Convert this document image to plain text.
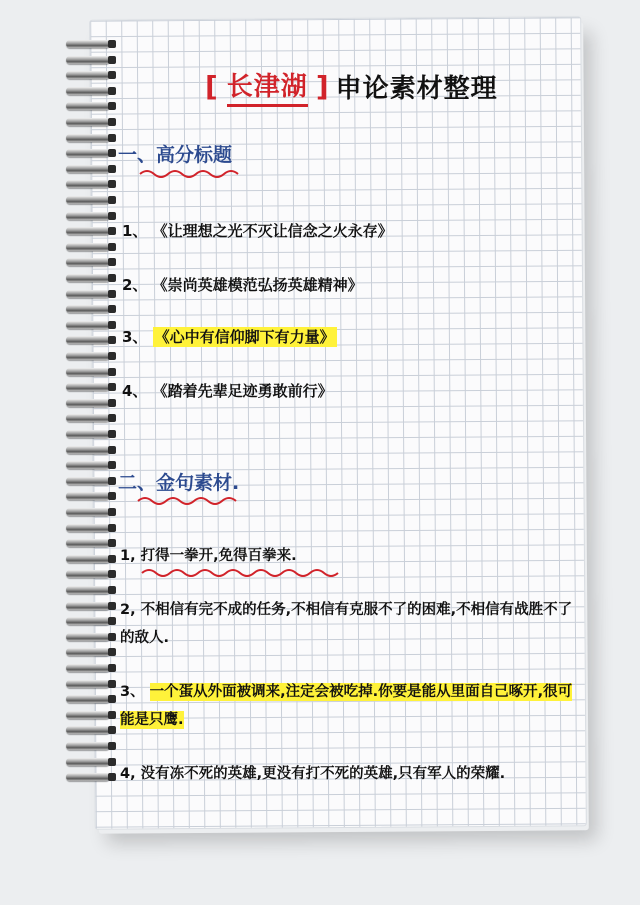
[ 长津湖 ] 申论素材整理
一、高分标题
1、 《让理想之光不灭让信念之火永存》
2、 《崇尚英雄模范弘扬英雄精神》
3、 《心中有信仰脚下有力量》
4、 《踏着先辈足迹勇敢前行》
二、金句素材.
1, 打得一拳开,免得百拳来.
2, 不相信有完不成的任务,不相信有克服不了的困难,不相信有战胜不了的敌人.
3、 一个蛋从外面被调来,注定会被吃掉.你要是能从里面自己啄开,很可能是只鹰.
4, 没有冻不死的英雄,更没有打不死的英雄,只有军人的荣耀.
